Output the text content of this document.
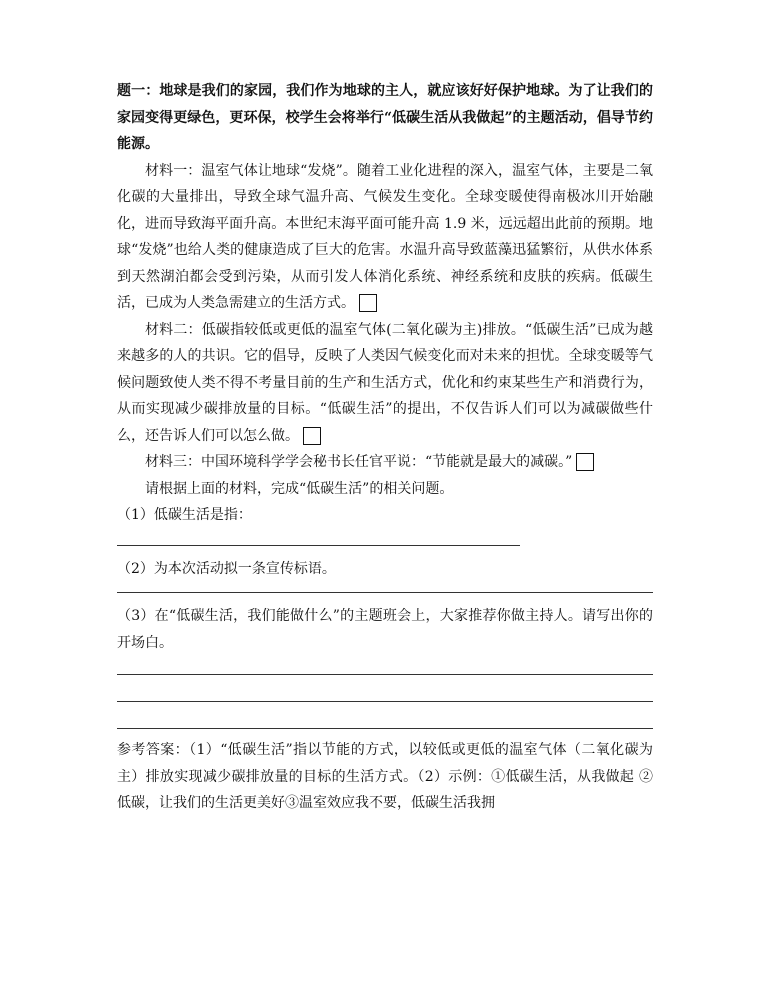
题一：地球是我们的家园，我们作为地球的主人，就应该好好保护地球。为了让我们的家园变得更绿色，更环保，校学生会将举行“低碳生活从我做起”的主题活动，倡导节约能源。

材料一：温室气体让地球“发烧”。随着工业化进程的深入，温室气体，主要是二氧化碳的大量排出，导致全球气温升高、气候发生变化。全球变暖使得南极冰川开始融化，进而导致海平面升高。本世纪末海平面可能升高 1.9 米，远远超出此前的预期。地球“发烧”也给人类的健康造成了巨大的危害。水温升高导致蓝藻迅猛繁衍，从供水体系到天然湖泊都会受到污染，从而引发人体消化系统、神经系统和皮肤的疾病。低碳生活，已成为人类急需建立的生活方式。

材料二：低碳指较低或更低的温室气体(二氧化碳为主)排放。“低碳生活”已成为越来越多的人的共识。它的倡导，反映了人类因气候变化而对未来的担忧。全球变暖等气候问题致使人类不得不考量目前的生产和生活方式，优化和约束某些生产和消费行为，从而实现减少碳排放量的目标。“低碳生活”的提出，不仅告诉人们可以为减碳做些什么，还告诉人们可以怎么做。

材料三：中国环境科学学会秘书长任官平说：“节能就是最大的减碳。”

请根据上面的材料，完成“低碳生活”的相关问题。

（1）低碳生活是指：

（2）为本次活动拟一条宣传标语。

（3）在“低碳生活，我们能做什么”的主题班会上，大家推荐你做主持人。请写出你的开场白。

参考答案：（1）“低碳生活”指以节能的方式，以较低或更低的温室气体（二氧化碳为主）排放实现减少碳排放量的目标的生活方式。（2）示例：①低碳生活，从我做起 ②低碳，让我们的生活更美好③温室效应我不要，低碳生活我拥
